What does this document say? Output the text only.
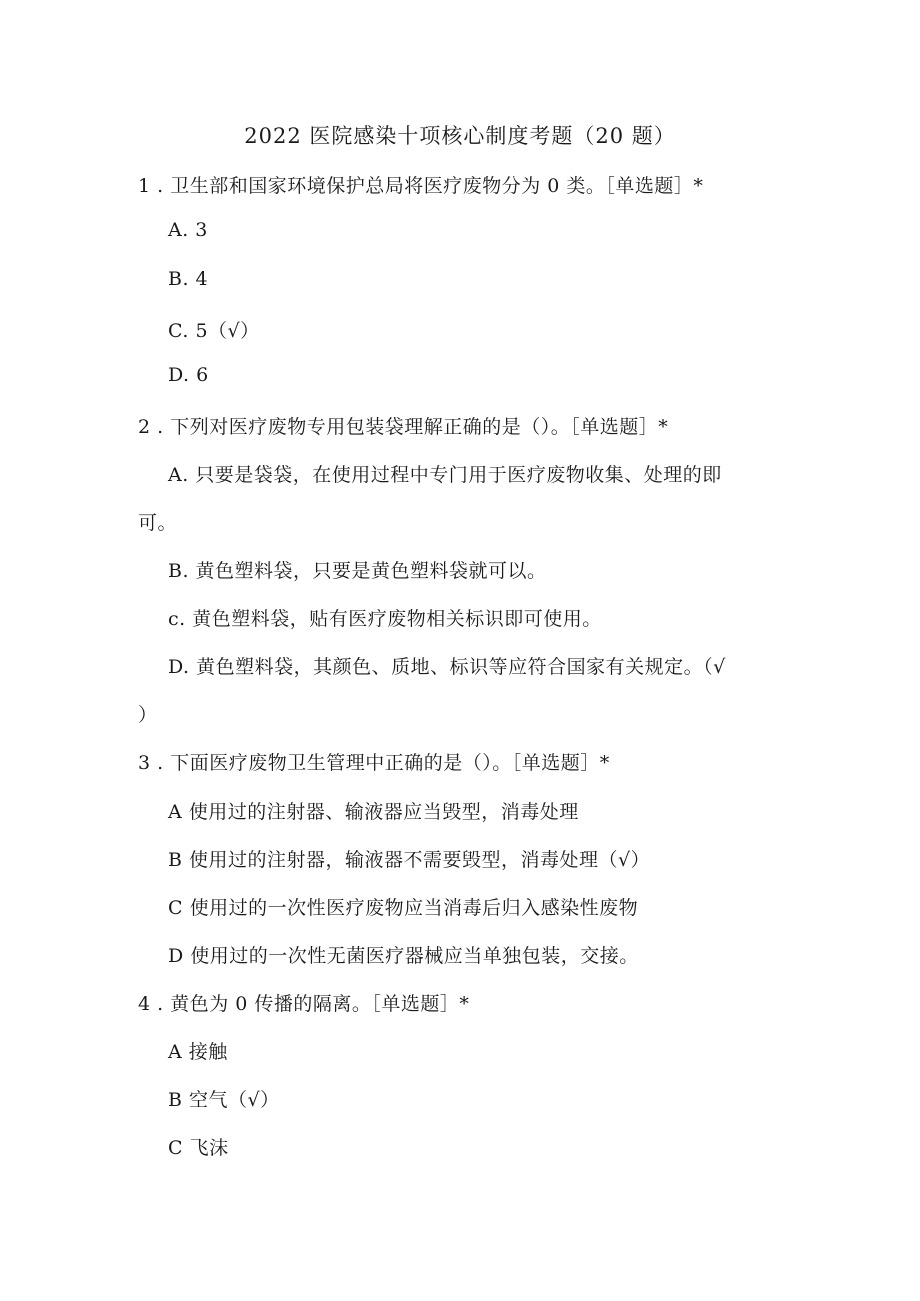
2022 医院感染十项核心制度考题（20 题）
1 . 卫生部和国家环境保护总局将医疗废物分为 0 类。［单选题］*
A. 3
B. 4
C. 5（√）
D. 6
2 . 下列对医疗废物专用包装袋理解正确的是（）。［单选题］*
A. 只要是袋袋，在使用过程中专门用于医疗废物收集、处理的即
可。
B. 黄色塑料袋，只要是黄色塑料袋就可以。
c. 黄色塑料袋，贴有医疗废物相关标识即可使用。
D. 黄色塑料袋，其颜色、质地、标识等应符合国家有关规定。（√
）
3 . 下面医疗废物卫生管理中正确的是（）。［单选题］*
A 使用过的注射器、输液器应当毁型，消毒处理
B 使用过的注射器，输液器不需要毁型，消毒处理（√）
C 使用过的一次性医疗废物应当消毒后归入感染性废物
D 使用过的一次性无菌医疗器械应当单独包装，交接。
4 . 黄色为 0 传播的隔离。［单选题］*
A 接触
B 空气（√）
C 飞沫
